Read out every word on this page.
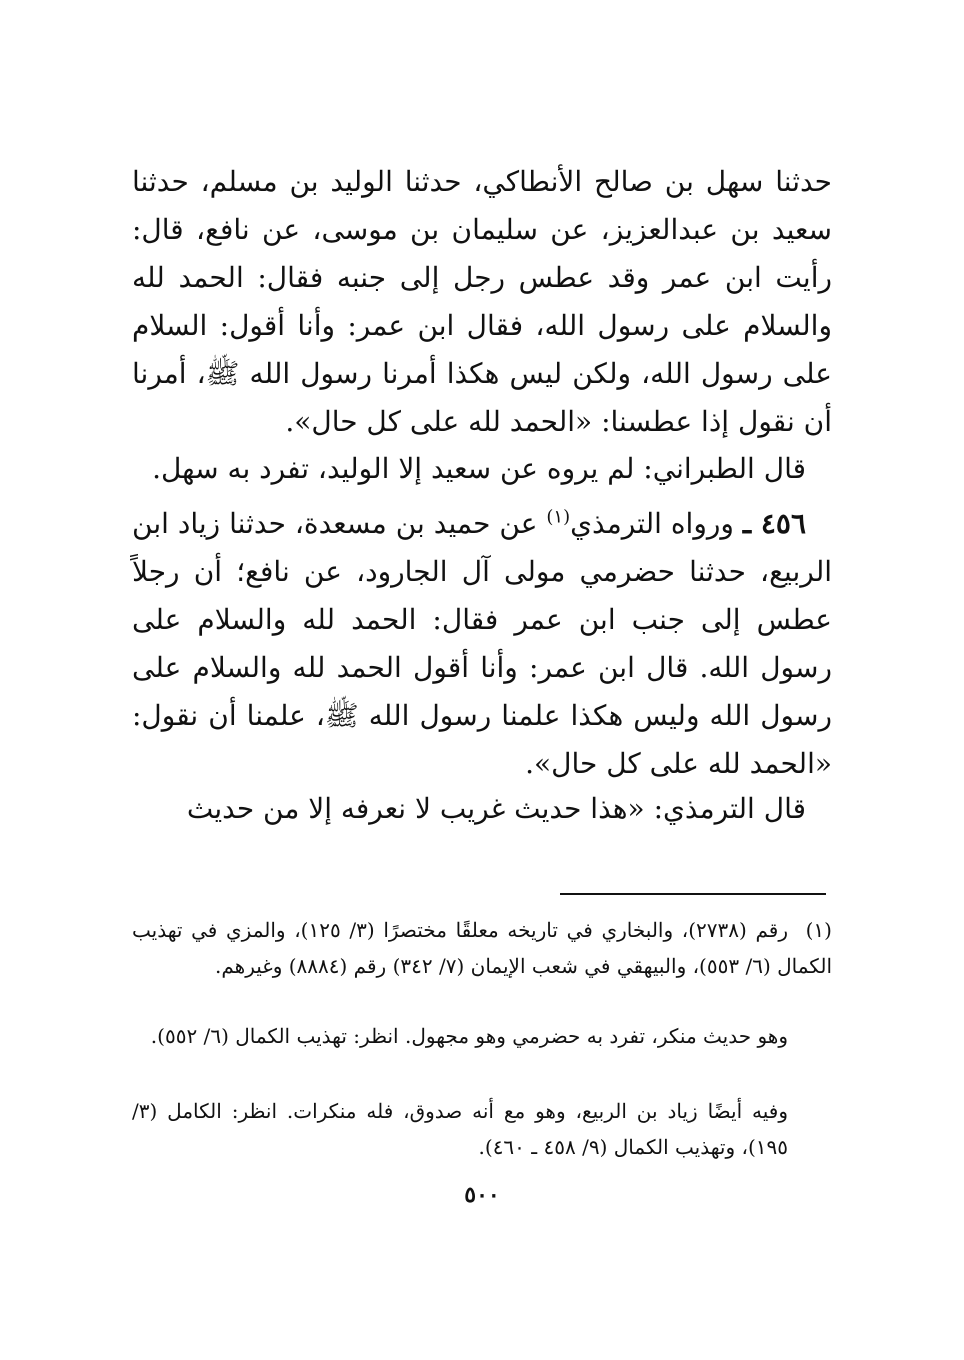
حدثنا سهل بن صالح الأنطاكي، حدثنا الوليد بن مسلم، حدثنا سعيد بن عبدالعزيز، عن سليمان بن موسى، عن نافع، قال: رأيت ابن عمر وقد عطس رجل إلى جنبه فقال: الحمد لله والسلام على رسول الله، فقال ابن عمر: وأنا أقول: السلام على رسول الله، ولكن ليس هكذا أمرنا رسول الله ﷺ، أمرنا أن نقول إذا عطسنا: «الحمد لله على كل حال».

قال الطبراني: لم يروه عن سعيد إلا الوليد، تفرد به سهل.

٤٥٦ ـ ورواه الترمذي$^{(١)}$ عن حميد بن مسعدة، حدثنا زياد ابن الربيع، حدثنا حضرمي مولى آل الجارود، عن نافع؛ أن رجلاً عطس إلى جنب ابن عمر فقال: الحمد لله والسلام على رسول الله. قال ابن عمر: وأنا أقول الحمد لله والسلام على رسول الله وليس هكذا علمنا رسول الله ﷺ، علمنا أن نقول: «الحمد لله على كل حال».

قال الترمذي: «هذا حديث غريب لا نعرفه إلا من حديث

(١)رقم (٢٧٣٨)، والبخاري في تاريخه معلقًا مختصرًا (٣/ ١٢٥)، والمزي في تهذيب الكمال (٦/ ٥٥٣)، والبيهقي في شعب الإيمان (٧/ ٣٤٢) رقم (٨٨٨٤) وغيرهم.

وهو حديث منكر، تفرد به حضرمي وهو مجهول. انظر: تهذيب الكمال (٦/ ٥٥٢).

وفيه أيضًا زياد بن الربيع، وهو مع أنه صدوق، فله منكرات. انظر: الكامل (٣/ ١٩٥)، وتهذيب الكمال (٩/ ٤٥٨ ـ ٤٦٠).

٥٠٠
